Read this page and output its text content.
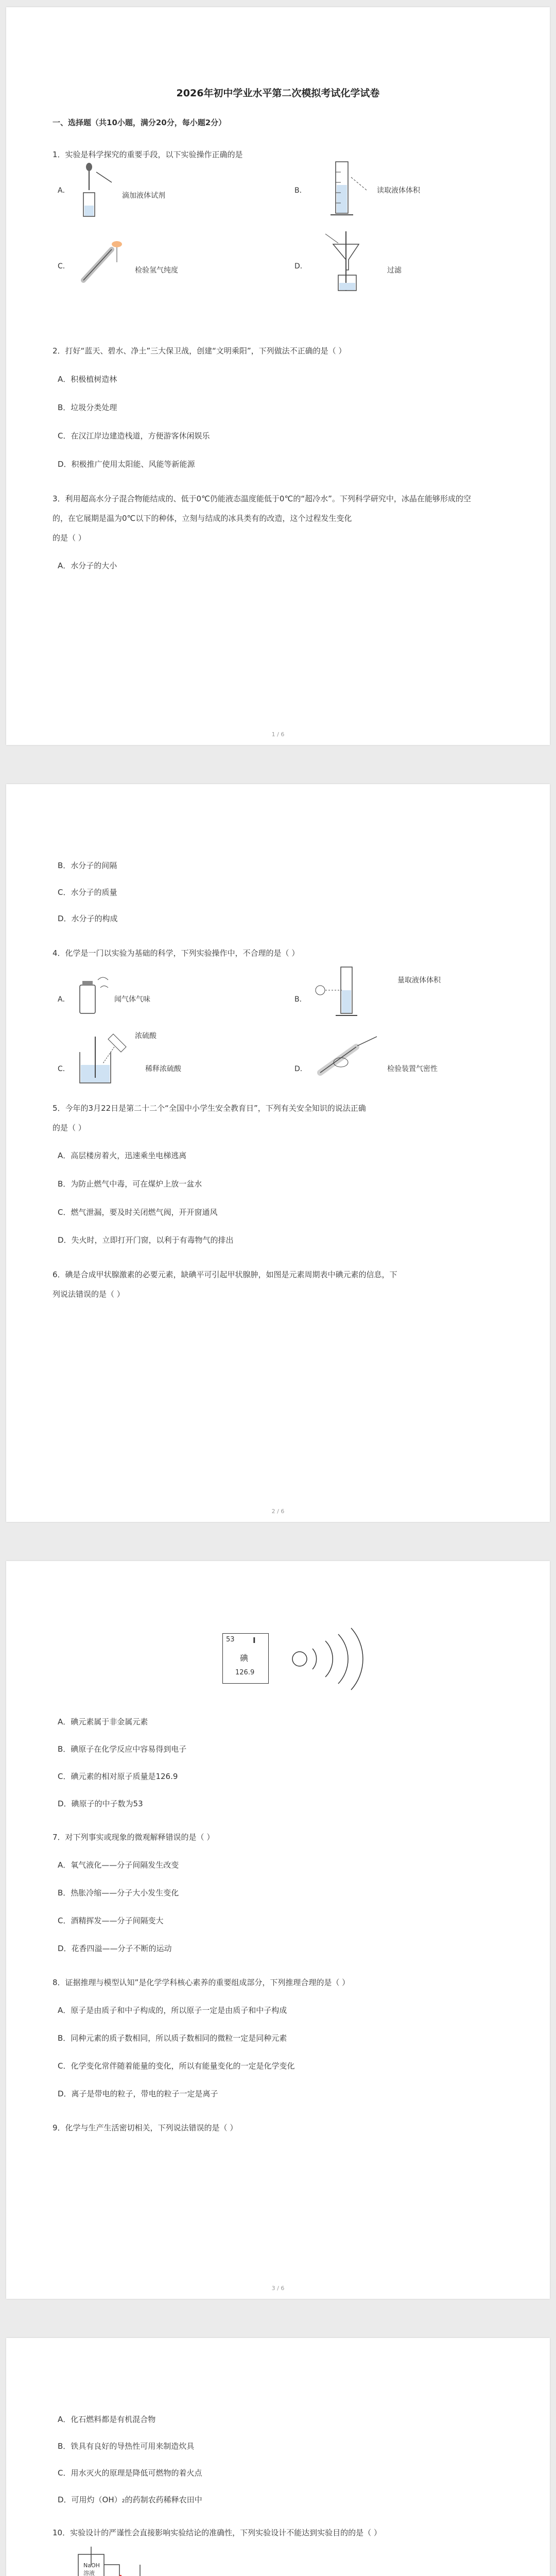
2026年初中学业水平第二次模拟考试化学试卷
一、选择题（共10小题，满分20分，每小题2分）
1．实验是科学探究的重要手段，以下实验操作正确的是
A．
滴加液体试剂
B．	读取液体体积
C．	检验氢气纯度	D．	过滤
2．打好“蓝天、碧水、净土”三大保卫战，创建“文明乘阳”，下列做法不正确的是（ ）
A．积极植树造林
B．垃圾分类处理
C．在汉江岸边建造栈道，方便游客休闲娱乐
D．积极推广使用太阳能、风能等新能源
3．利用超高水分子混合物能结成的、低于0℃仍能液态温度能低于0℃的“超冷水”。下列科学研究中，冰晶在能够形成的空
的，在它展期是温为0℃以下的种体，立刻与结成的冰具类有的改造，这个过程发生变化
的是（ ）
A．水分子的大小
1 / 6
B．水分子的间隔
C．水分子的质量
D．水分子的构成
4．化学是一门以实验为基础的科学，下列实验操作中，不合理的是（ ）
A．	闻气体气味	B．
量取液体体积
C．
浓硫酸
稀释浓硫酸	D．	检验装置气密性
5．今年的3月22日是第二十二个“全国中小学生安全教育日”，下列有关安全知识的说法正确
的是（ ）
A．高层楼房着火，迅速乘坐电梯逃离
B．为防止燃气中毒，可在煤炉上放一盆水
C．燃气泄漏，要及时关闭燃气阀，开开窗通风
D．失火时，立即打开门窗，以利于有毒物气的排出
6．碘是合成甲状腺激素的必要元素，缺碘平可引起甲状腺肿，如图是元素周期表中碘元素的信息，下
列说法错误的是（ ）
2 / 6
53 I
碘
126.9
A．碘元素属于非金属元素
B．碘原子在化学反应中容易得到电子
C．碘元素的相对原子质量是126.9
D．碘原子的中子数为53
7．对下列事实或现象的微观解释错误的是（ ）
A．氧气液化——分子间隔发生改变
B．热胀冷缩——分子大小发生变化
C．酒精挥发——分子间隔变大
D．花香四溢——分子不断的运动
8．证据推理与模型认知”是化学学科核心素养的重要组成部分，下列推理合理的是（ ）
A．原子是由质子和中子构成的，所以原子一定是由质子和中子构成
B．同种元素的质子数相同，所以质子数相同的微粒一定是同种元素
C．化学变化常伴随着能量的变化，所以有能量变化的一定是化学变化
D．离子是带电的粒子，带电的粒子一定是离子
9．化学与生产生活密切相关，下列说法错误的是（ ）
3 / 6
A．化石燃料都是有机混合物
B．铁具有良好的导热性可用来制造炊具
C．用水灭火的原理是降低可燃物的着火点
D．可用灼（OH）₂的药制农药稀释农田中
10．实验设计的严谨性会直接影响实验结论的准确性，下列实验设计不能达到实验目的的是（ ）
NaOH
溶液
